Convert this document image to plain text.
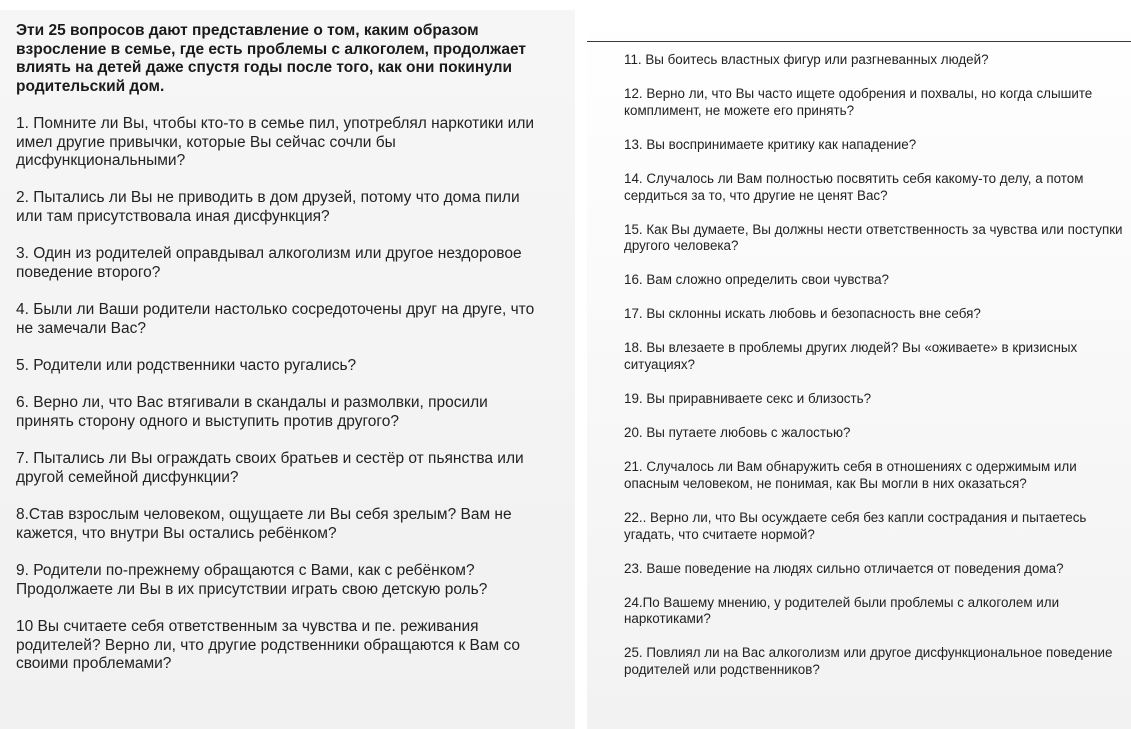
Эти 25 вопросов дают представление о том, каким образом взросление в семье, где есть проблемы с алкоголем, продолжает влиять на детей даже спустя годы после того, как они покинули родительский дом.

1. Помните ли Вы, чтобы кто-то в семье пил, употреблял наркотики или имел другие привычки, которые Вы сейчас сочли бы дисфункциональными?

2. Пытались ли Вы не приводить в дом друзей, потому что дома пили или там присутствовала иная дисфункция?

3. Один из родителей оправдывал алкоголизм или другое нездоровое поведение второго?

4. Были ли Ваши родители настолько сосредоточены друг на друге, что не замечали Вас?

5. Родители или родственники часто ругались?

6. Верно ли, что Вас втягивали в скандалы и размолвки, просили принять сторону одного и выступить против другого?

7. Пытались ли Вы ограждать своих братьев и сестёр от пьянства или другой семейной дисфункции?

8.Став взрослым человеком, ощущаете ли Вы себя зрелым? Вам не кажется, что внутри Вы остались ребёнком?

9. Родители по-прежнему обращаются с Вами, как с ребёнком? Продолжаете ли Вы в их присутствии играть свою детскую роль?

10 Вы считаете себя ответственным за чувства и пе. реживания родителей? Верно ли, что другие родственники обращаются к Вам со своими проблемами?

11. Вы боитесь властных фигур или разгневанных людей?

12. Верно ли, что Вы часто ищете одобрения и похвалы, но когда слышите комплимент, не можете его принять?

13. Вы воспринимаете критику как нападение?

14. Случалось ли Вам полностью посвятить себя какому-то делу, а потом сердиться за то, что другие не ценят Вас?

15. Как Вы думаете, Вы должны нести ответственность за чувства или поступки другого человека?

16. Вам сложно определить свои чувства?

17. Вы склонны искать любовь и безопасность вне себя?

18. Вы влезаете в проблемы других людей? Вы «оживаете» в кризисных ситуациях?

19. Вы приравниваете секс и близость?

20. Вы путаете любовь с жалостью?

21. Случалось ли Вам обнаружить себя в отношениях с одержимым или опасным человеком, не понимая, как Вы могли в них оказаться?

22.. Верно ли, что Вы осуждаете себя без капли сострадания и пытаетесь угадать, что считаете нормой?

23. Ваше поведение на людях сильно отличается от поведения дома?

24.По Вашему мнению, у родителей были проблемы с алкоголем или наркотиками?

25. Повлиял ли на Вас алкоголизм или другое дисфункциональное поведение родителей или родственников?
